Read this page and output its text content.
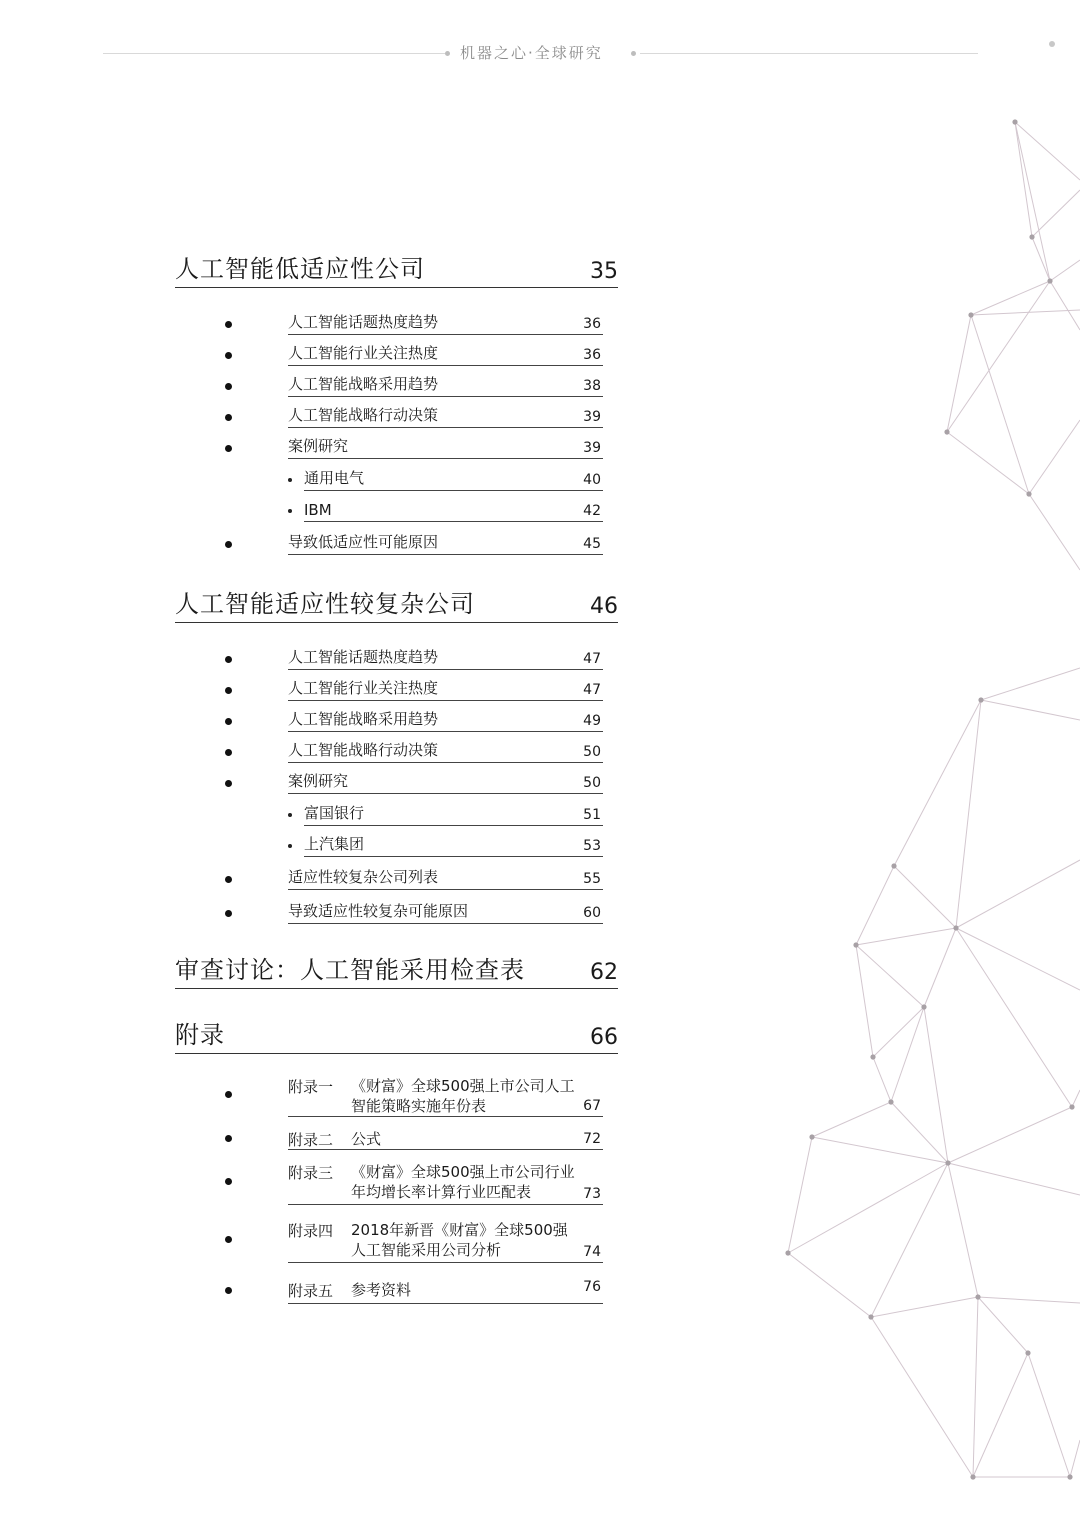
机器之心·全球研究
人工智能低适应性公司	35
人工智能话题热度趋势	36
人工智能行业关注热度	36
人工智能战略采用趋势	38
人工智能战略行动决策	39
案例研究	39
通用电气	40
IBM	42
导致低适应性可能原因	45
人工智能适应性较复杂公司	46
人工智能话题热度趋势	47
人工智能行业关注热度	47
人工智能战略采用趋势	49
人工智能战略行动决策	50
案例研究	50
富国银行	51
上汽集团	53
适应性较复杂公司列表	55
导致适应性较复杂可能原因	60
审查讨论：人工智能采用检查表	62
附录	66
附录一 《财富》全球500强上市公司人工智能策略实施年份表	67
附录二 公式	72
附录三 《财富》全球500强上市公司行业年均增长率计算行业匹配表	73
附录四 2018年新晋《财富》全球500强人工智能采用公司分析	74
附录五 参考资料	76
